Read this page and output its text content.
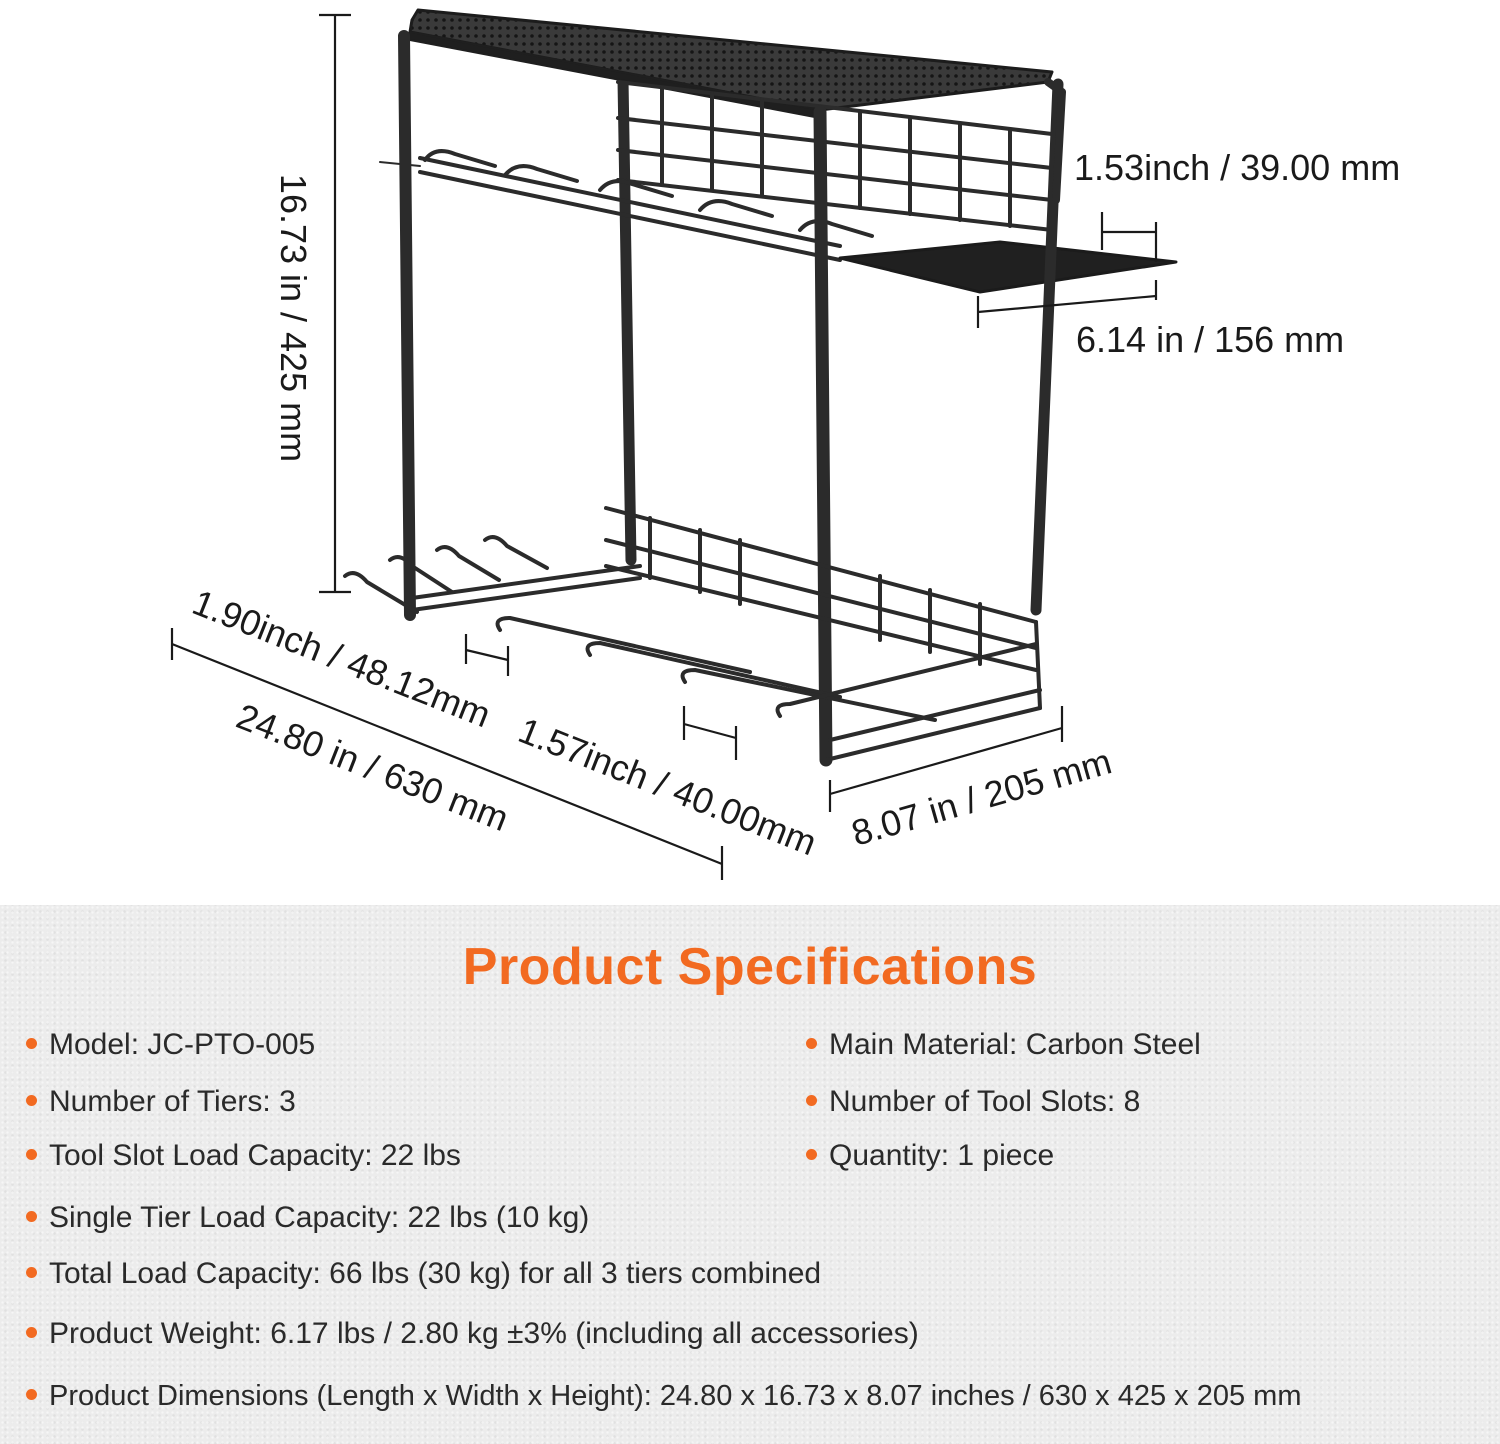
16.73 in / 425 mm
1.53inch / 39.00 mm
6.14 in / 156 mm
1.90inch / 48.12mm
1.57inch / 40.00mm
24.80 in / 630 mm	8.07 in / 205 mm
Product Specifications
Model: JC-PTO-005	Main Material: Carbon Steel
Number of Tiers: 3	Number of Tool Slots: 8
Tool Slot Load Capacity: 22 lbs	Quantity: 1 piece
Single Tier Load Capacity: 22 lbs (10 kg)
Total Load Capacity: 66 lbs (30 kg) for all 3 tiers combined
Product Weight: 6.17 lbs / 2.80 kg ±3% (including all accessories)
Product Dimensions (Length x Width x Height): 24.80 x 16.73 x 8.07 inches / 630 x 425 x 205 mm
